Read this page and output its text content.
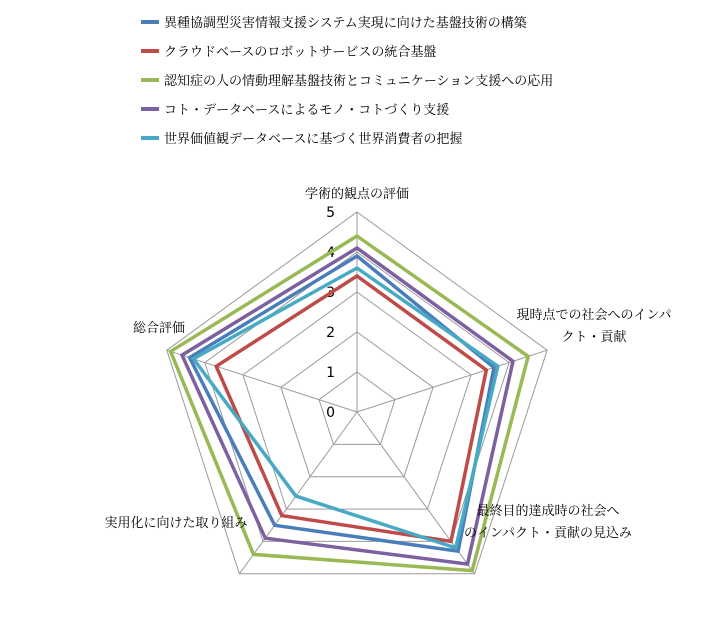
異種協調型災害情報支援システム実現に向けた基盤技術の構築
クラウドベースのロボットサービスの統合基盤
認知症の人の情動理解基盤技術とコミュニケーション支援への応用
コト・データベースによるモノ・コトづくり支援
世界価値観データベースに基づく世界消費者の把握
0
1
2
3
4
5
学術的観点の評価
現時点での社会へのインパ
クト・貢献
最終目的達成時の社会へ
のインパクト・貢献の見込み
実用化に向けた取り組み
総合評価
